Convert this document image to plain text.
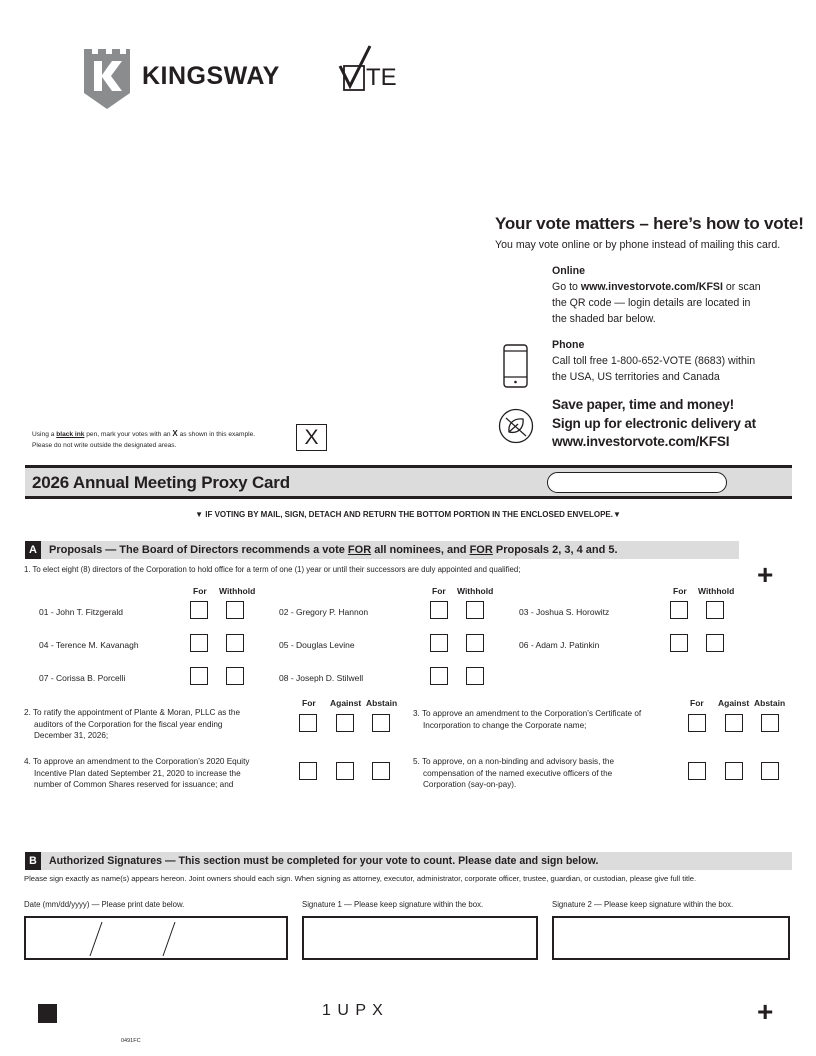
KINGSWAY	TE
Your vote matters – here’s how to vote!
You may vote online or by phone instead of mailing this card.
Online
Go to www.investorvote.com/KFSI or scan
the QR code — login details are located in
the shaded bar below.
Phone
Call toll free 1-800-652-VOTE (8683) within
the USA, US territories and Canada
Save paper, time and money!
Sign up for electronic delivery at
www.investorvote.com/KFSI
Using a black ink pen, mark your votes with an X as shown in this example.
Please do not write outside the designated areas.	X
2026 Annual Meeting Proxy Card
▼ IF VOTING BY MAIL, SIGN, DETACH AND RETURN THE BOTTOM PORTION IN THE ENCLOSED ENVELOPE.▼
A Proposals — The Board of Directors recommends a vote FOR all nominees, and FOR Proposals 2, 3, 4 and 5.
+
1. To elect eight (8) directors of the Corporation to hold office for a term of one (1) year or until their successors are duly appointed and qualified;
For Withhold	For Withhold	For Withhold
01 - John T. Fitzgerald	02 - Gregory P. Hannon	03 - Joshua S. Horowitz
04 - Terence M. Kavanagh	05 - Douglas Levine	06 - Adam J. Patinkin
07 - Corissa B. Porcelli	08 - Joseph D. Stilwell
For Against Abstain	For Against Abstain
2. To ratify the appointment of Plante & Moran, PLLC as the
auditors of the Corporation for the fiscal year ending
December 31, 2026;
3. To approve an amendment to the Corporation’s Certificate of
Incorporation to change the Corporate name;
4. To approve an amendment to the Corporation’s 2020 Equity
Incentive Plan dated September 21, 2020 to increase the
number of Common Shares reserved for issuance; and
5. To approve, on a non-binding and advisory basis, the
compensation of the named executive officers of the
Corporation (say-on-pay).
B Authorized Signatures — This section must be completed for your vote to count. Please date and sign below.
Please sign exactly as name(s) appears hereon. Joint owners should each sign. When signing as attorney, executor, administrator, corporate officer, trustee, guardian, or custodian, please give full title.
Date (mm/dd/yyyy) — Please print date below.	Signature 1 — Please keep signature within the box.	Signature 2 — Please keep signature within the box.
1 U P X	+
0491FC
